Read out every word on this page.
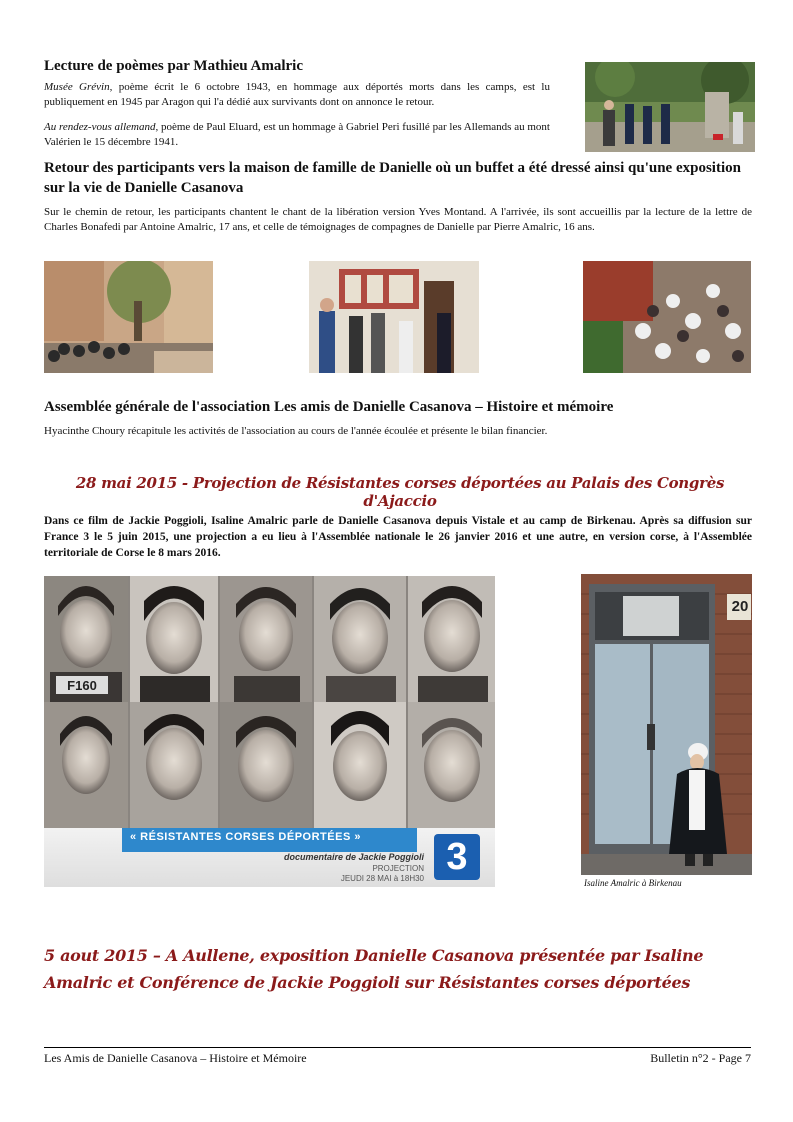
Lecture de poèmes par Mathieu Amalric

Musée Grévin, poème écrit le 6 octobre 1943, en hommage aux déportés morts dans les camps, est lu publiquement en 1945 par Aragon qui l'a dédié aux survivants dont on annonce le retour.

Au rendez-vous allemand, poème de Paul Eluard, est un hommage à Gabriel Peri fusillé par les Allemands au mont Valérien le 15 décembre 1941.

Retour des participants vers la maison de famille de Danielle où un buffet a été dressé ainsi qu'une exposition sur la vie de Danielle Casanova

Sur le chemin de retour, les participants chantent le chant de la libération version Yves Montand. A l'arrivée, ils sont accueillis par la lecture de la lettre de Charles Bonafedi par Antoine Amalric, 17 ans, et celle de témoignages de compagnes de Danielle par Pierre Amalric, 16 ans.

Assemblée générale de l'association Les amis de Danielle Casanova – Histoire et mémoire

Hyacinthe Choury récapitule les activités de l'association au cours de l'année écoulée et présente le bilan financier.

28 mai 2015 - Projection de Résistantes corses déportées au Palais des Congrès d'Ajaccio

Dans ce film de Jackie Poggioli, Isaline Amalric parle de Danielle Casanova depuis Vistale et au camp de Birkenau. Après sa diffusion sur France 3 le 5 juin 2015, une projection a eu lieu à l'Assemblée nationale le 26 janvier 2016 et une autre, en version corse, à l'Assemblée territoriale de Corse le 8 mars 2016.

F160
« RÉSISTANTES CORSES DÉPORTÉES »
documentaire de Jackie Poggioli
PROJECTION
JEUDI 28 MAI à 18H30
3
20
Isaline Amalric à Birkenau
5 aout 2015 – A Aullene, exposition Danielle Casanova présentée par Isaline Amalric et Conférence de Jackie Poggioli sur Résistantes corses déportées
Les Amis de Danielle Casanova – Histoire et Mémoire	Bulletin n°2 - Page 7
